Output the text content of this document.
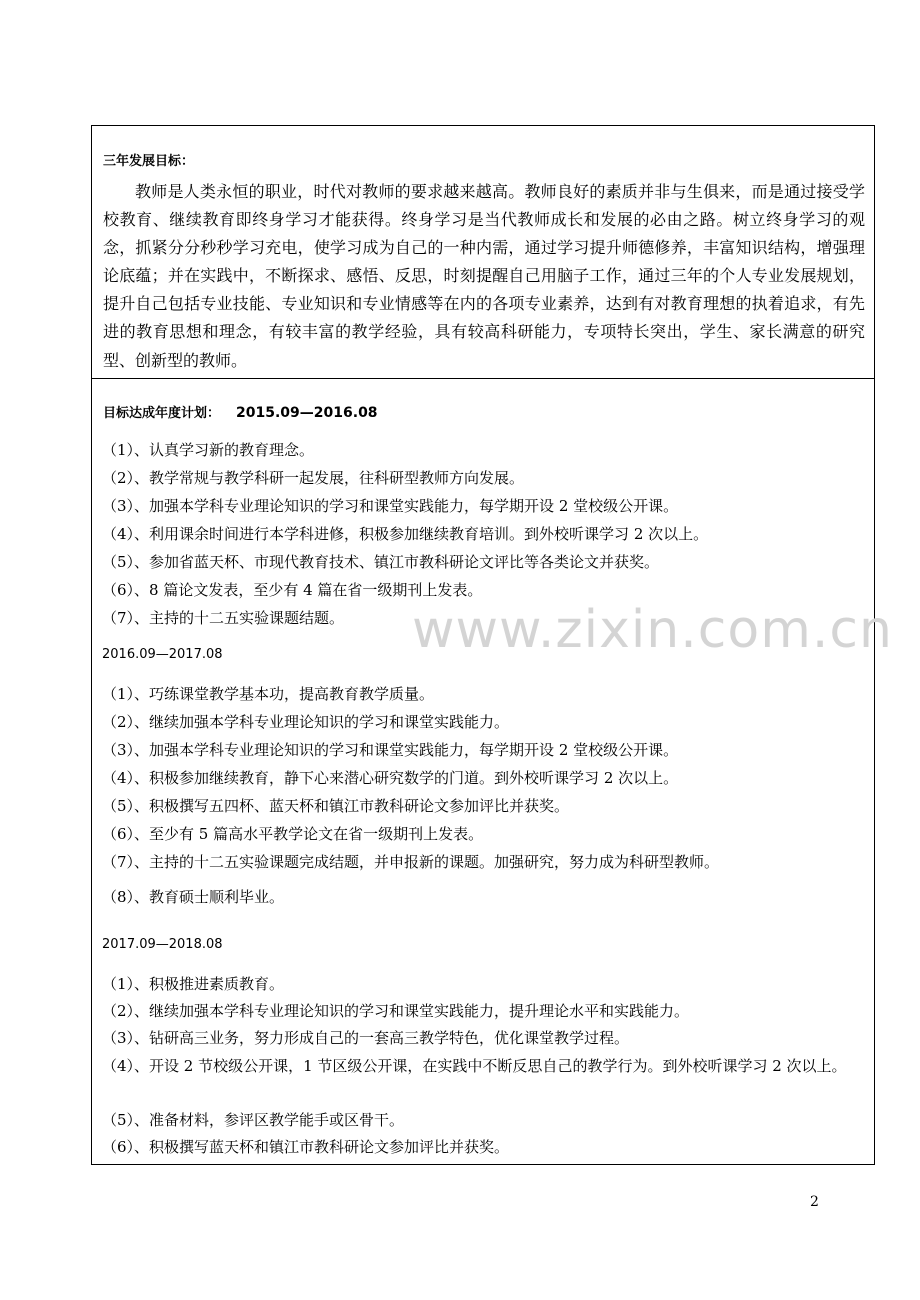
三年发展目标：

教师是人类永恒的职业，时代对教师的要求越来越高。教师良好的素质并非与生俱来，而是通过接受学校教育、继续教育即终身学习才能获得。终身学习是当代教师成长和发展的必由之路。树立终身学习的观念，抓紧分分秒秒学习充电，使学习成为自己的一种内需，通过学习提升师德修养，丰富知识结构，增强理论底蕴；并在实践中，不断探求、感悟、反思，时刻提醒自己用脑子工作，通过三年的个人专业发展规划，提升自己包括专业技能、专业知识和专业情感等在内的各项专业素养，达到有对教育理想的执着追求，有先进的教育思想和理念，有较丰富的教学经验，具有较高科研能力，专项特长突出，学生、家长满意的研究型、创新型的教师。

目标达成年度计划： 2015.09—2016.08
（1）、认真学习新的教育理念。
（2）、教学常规与教学科研一起发展，往科研型教师方向发展。
（3）、加强本学科专业理论知识的学习和课堂实践能力，每学期开设 2 堂校级公开课。
（4）、利用课余时间进行本学科进修，积极参加继续教育培训。到外校听课学习 2 次以上。
（5）、参加省蓝天杯、市现代教育技术、镇江市教科研论文评比等各类论文并获奖。
（6）、8 篇论文发表，至少有 4 篇在省一级期刊上发表。
（7）、主持的十二五实验课题结题。
2016.09—2017.08
（1）、巧练课堂教学基本功，提高教育教学质量。
（2）、继续加强本学科专业理论知识的学习和课堂实践能力。
（3）、加强本学科专业理论知识的学习和课堂实践能力，每学期开设 2 堂校级公开课。
（4）、积极参加继续教育，静下心来潜心研究数学的门道。到外校听课学习 2 次以上。
（5）、积极撰写五四杯、蓝天杯和镇江市教科研论文参加评比并获奖。
（6）、至少有 5 篇高水平教学论文在省一级期刊上发表。
（7）、主持的十二五实验课题完成结题，并申报新的课题。加强研究，努力成为科研型教师。
（8）、教育硕士顺利毕业。
2017.09—2018.08
（1）、积极推进素质教育。
（2）、继续加强本学科专业理论知识的学习和课堂实践能力，提升理论水平和实践能力。
（3）、钻研高三业务，努力形成自己的一套高三教学特色，优化课堂教学过程。
（4）、开设 2 节校级公开课，1 节区级公开课，在实践中不断反思自己的教学行为。到外校听课学习 2 次以上。
（5）、准备材料，参评区教学能手或区骨干。
（6）、积极撰写蓝天杯和镇江市教科研论文参加评比并获奖。
www.zixin.com.cn
2
